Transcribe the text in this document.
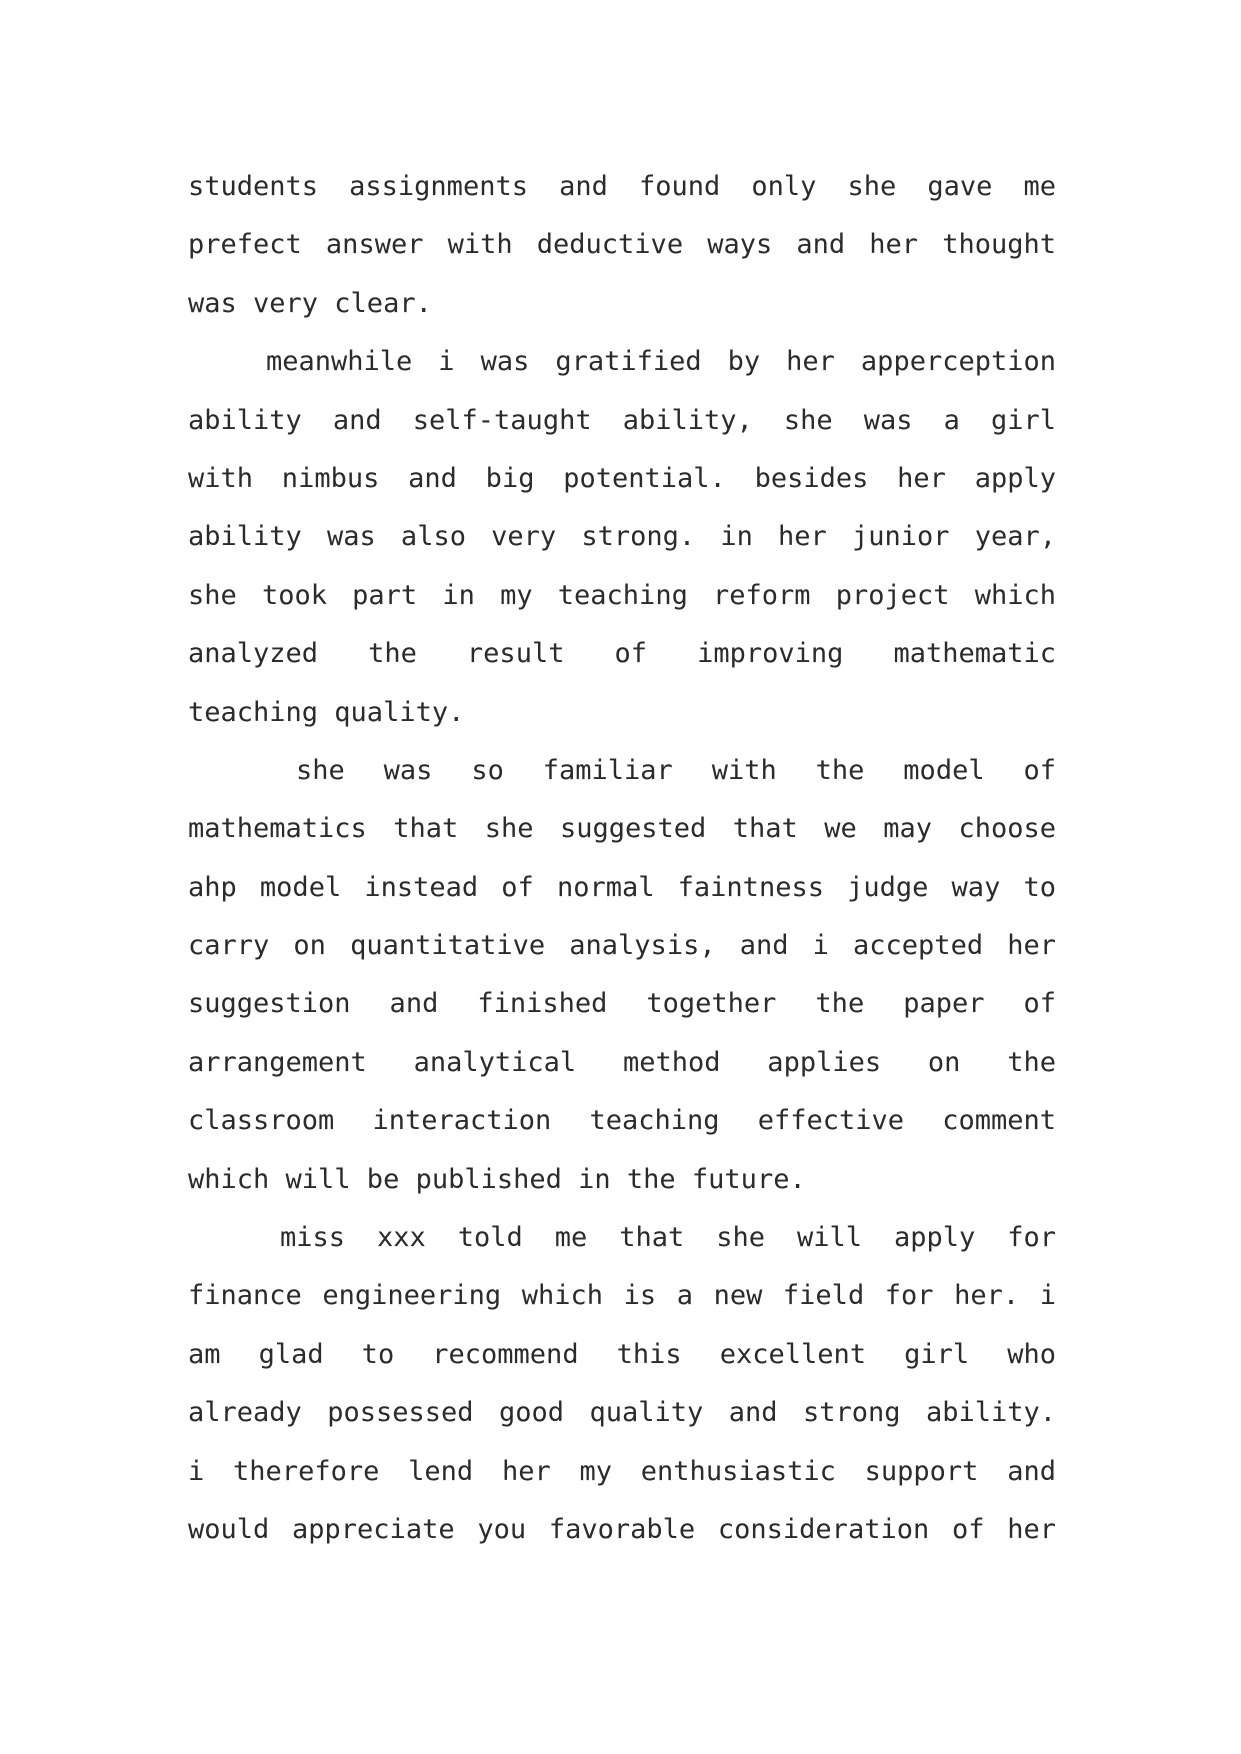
students assignments and found only she gave me
prefect answer with deductive ways and her thought
was very clear.
meanwhile i was gratified by her apperception
ability and self-taught ability, she was a girl
with nimbus and big potential. besides her apply
ability was also very strong. in her junior year,
she took part in my teaching reform project which
analyzed the result of improving mathematic
teaching quality.
she was so familiar with the model of
mathematics that she suggested that we may choose
ahp model instead of normal faintness judge way to
carry on quantitative analysis, and i accepted her
suggestion and finished together the paper of
arrangement analytical method applies on the
classroom interaction teaching effective comment
which will be published in the future.
miss xxx told me that she will apply for
finance engineering which is a new field for her. i
am glad to recommend this excellent girl who
already possessed good quality and strong ability.
i therefore lend her my enthusiastic support and
would appreciate you favorable consideration of her
